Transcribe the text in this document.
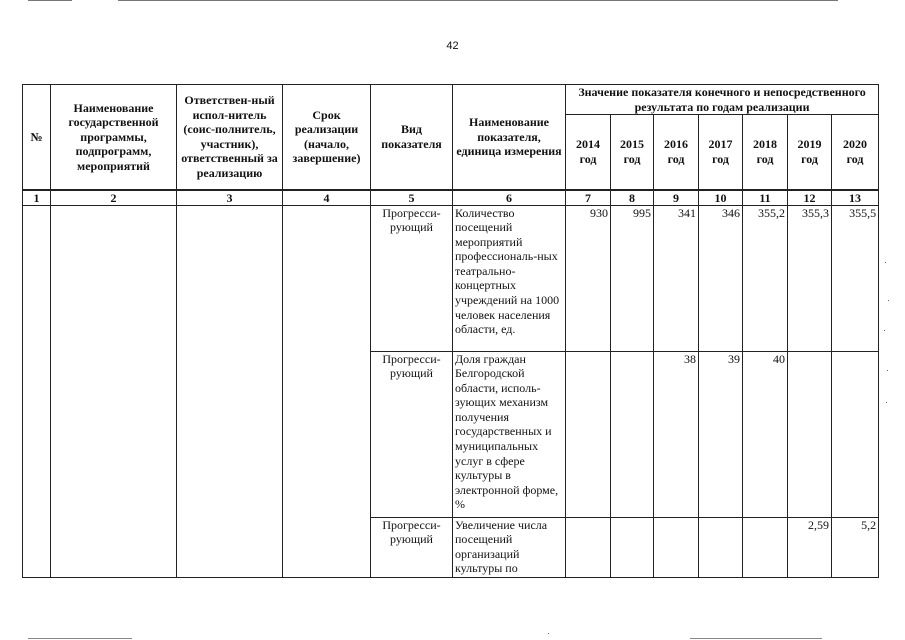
42
№	Наименование государственной программы, подпрограмм, мероприятий	Ответствен-ный испол-нитель (соис-полнитель, участник), ответственный за реализацию	Срок реализации (начало, завершение)	Вид показателя	Наименование показателя, единица измерения	Значение показателя конечного и непосредственного результата по годам реализации						
						2014 год	2015 год	2016 год	2017 год	2018 год	2019 год	2020 год
1	2	3	4	5	6	7	8	9	10	11	12	13
				Прогресси-рующий	Количество посещений мероприятий профессиональ-ных театрально-концертных учреждений на 1000 человек населения области, ед.	930	995	341	346	355,2	355,3	355,5
				Прогресси-рующий	Доля граждан Белгородской области, исполь-зующих механизм получения государственных и муниципальных услуг в сфере культуры в электронной форме, %			38	39	40		
				Прогресси-рующий	Увеличение числа посещений организаций культуры по						2,59	5,2
